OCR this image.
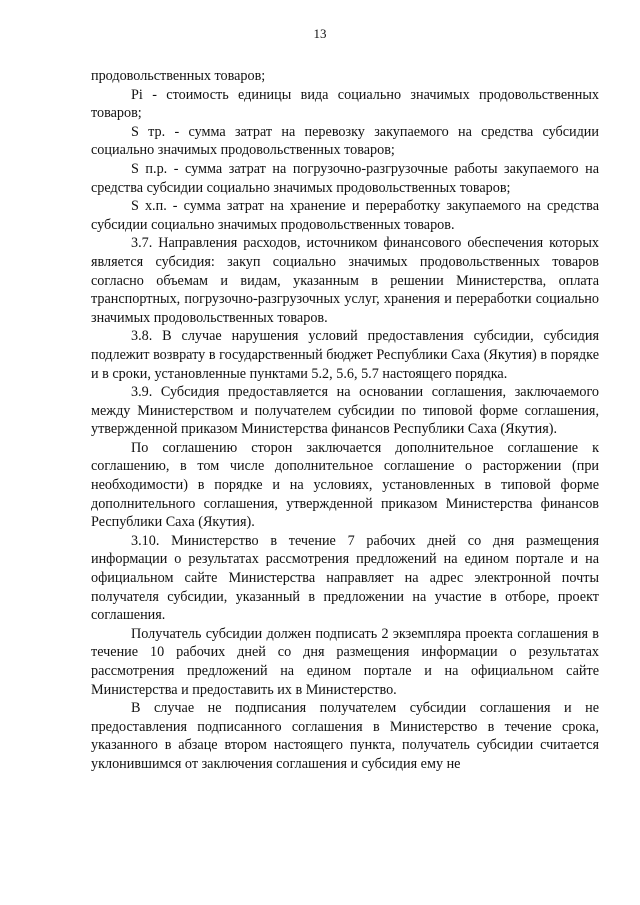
13

продовольственных товаров;

Pi - стоимость единицы вида социально значимых продовольственных товаров;

S тр. - сумма затрат на перевозку закупаемого на средства субсидии социально значимых продовольственных товаров;

S п.р. - сумма затрат на погрузочно-разгрузочные работы закупаемого на средства субсидии социально значимых продовольственных товаров;

S х.п. - сумма затрат на хранение и переработку закупаемого на средства субсидии социально значимых продовольственных товаров.

3.7. Направления расходов, источником финансового обеспечения которых является субсидия: закуп социально значимых продовольственных товаров согласно объемам и видам, указанным в решении Министерства, оплата транспортных, погрузочно-разгрузочных услуг, хранения и переработки социально значимых продовольственных товаров.

3.8. В случае нарушения условий предоставления субсидии, субсидия подлежит возврату в государственный бюджет Республики Саха (Якутия) в порядке и в сроки, установленные пунктами 5.2, 5.6, 5.7 настоящего порядка.

3.9. Субсидия предоставляется на основании соглашения, заключаемого между Министерством и получателем субсидии по типовой форме соглашения, утвержденной приказом Министерства финансов Республики Саха (Якутия).

По соглашению сторон заключается дополнительное соглашение к соглашению, в том числе дополнительное соглашение о расторжении (при необходимости) в порядке и на условиях, установленных в типовой форме дополнительного соглашения, утвержденной приказом Министерства финансов Республики Саха (Якутия).

3.10. Министерство в течение 7 рабочих дней со дня размещения информации о результатах рассмотрения предложений на едином портале и на официальном сайте Министерства направляет на адрес электронной почты получателя субсидии, указанный в предложении на участие в отборе, проект соглашения.

Получатель субсидии должен подписать 2 экземпляра проекта соглашения в течение 10 рабочих дней со дня размещения информации о результатах рассмотрения предложений на едином портале и на официальном сайте Министерства и предоставить их в Министерство.

В случае не подписания получателем субсидии соглашения и не предоставления подписанного соглашения в Министерство в течение срока, указанного в абзаце втором настоящего пункта, получатель субсидии считается уклонившимся от заключения соглашения и субсидия ему не
